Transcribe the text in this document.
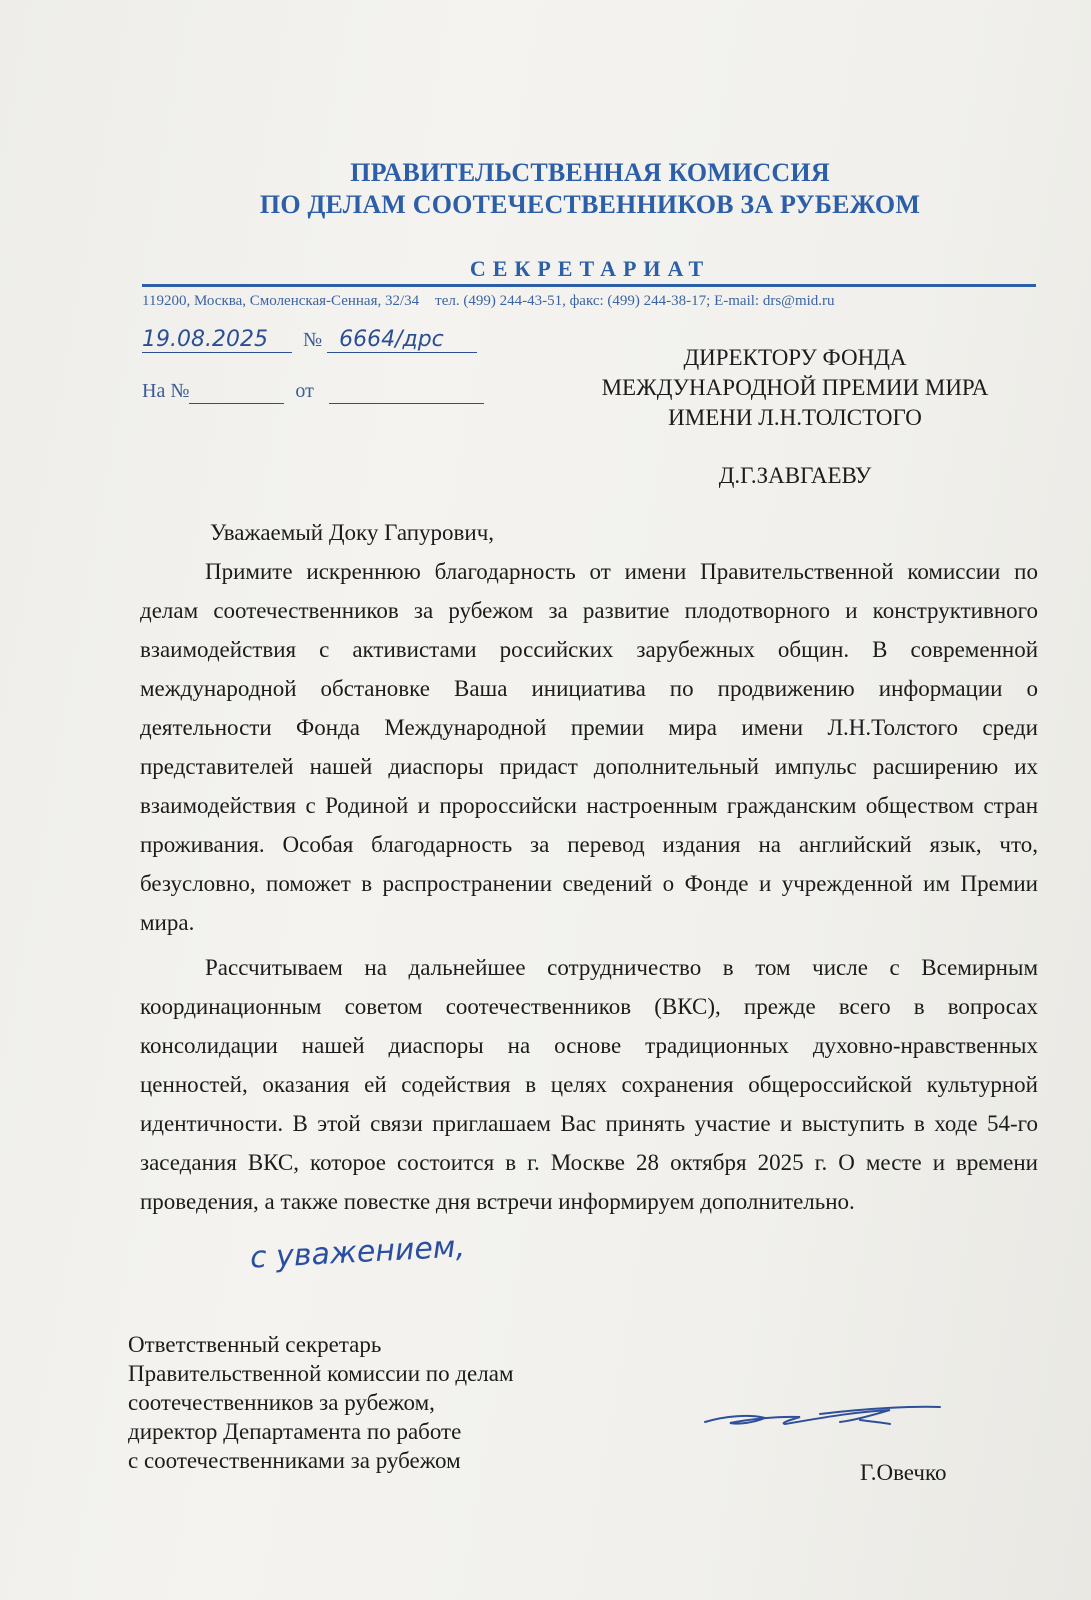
ПРАВИТЕЛЬСТВЕННАЯ КОМИССИЯ
ПО ДЕЛАМ СООТЕЧЕСТВЕННИКОВ ЗА РУБЕЖОМ
СЕКРЕТАРИАТ
119200, Москва, Смоленская-Сенная, 32/34 тел. (499) 244-43-51, факс: (499) 244-38-17; E-mail: drs@mid.ru
19.08.2025 № 6664/дрс
На №	от
ДИРЕКТОРУ ФОНДА
МЕЖДУНАРОДНОЙ ПРЕМИИ МИРА
ИМЕНИ Л.Н.ТОЛСТОГО
Д.Г.ЗАВГАЕВУ
Уважаемый Доку Гапурович,
Примите искреннюю благодарность от имени Правительственной комиссии по делам соотечественников за рубежом за развитие плодотворного и конструктивного взаимодействия с активистами российских зарубежных общин. В современной международной обстановке Ваша инициатива по продвижению информации о деятельности Фонда Международной премии мира имени Л.Н.Толстого среди представителей нашей диаспоры придаст дополнительный импульс расширению их взаимодействия с Родиной и пророссийски настроенным гражданским обществом стран проживания. Особая благодарность за перевод издания на английский язык, что, безусловно, поможет в распространении сведений о Фонде и учрежденной им Премии мира.
Рассчитываем на дальнейшее сотрудничество в том числе с Всемирным координационным советом соотечественников (ВКС), прежде всего в вопросах консолидации нашей диаспоры на основе традиционных духовно-нравственных ценностей, оказания ей содействия в целях сохранения общероссийской культурной идентичности. В этой связи приглашаем Вас принять участие и выступить в ходе 54-го заседания ВКС, которое состоится в г. Москве 28 октября 2025 г. О месте и времени проведения, а также повестке дня встречи информируем дополнительно.
с уважением,
Ответственный секретарь
Правительственной комиссии по делам
соотечественников за рубежом,
директор Департамента по работе
с соотечественниками за рубежом	Г.Овечко
